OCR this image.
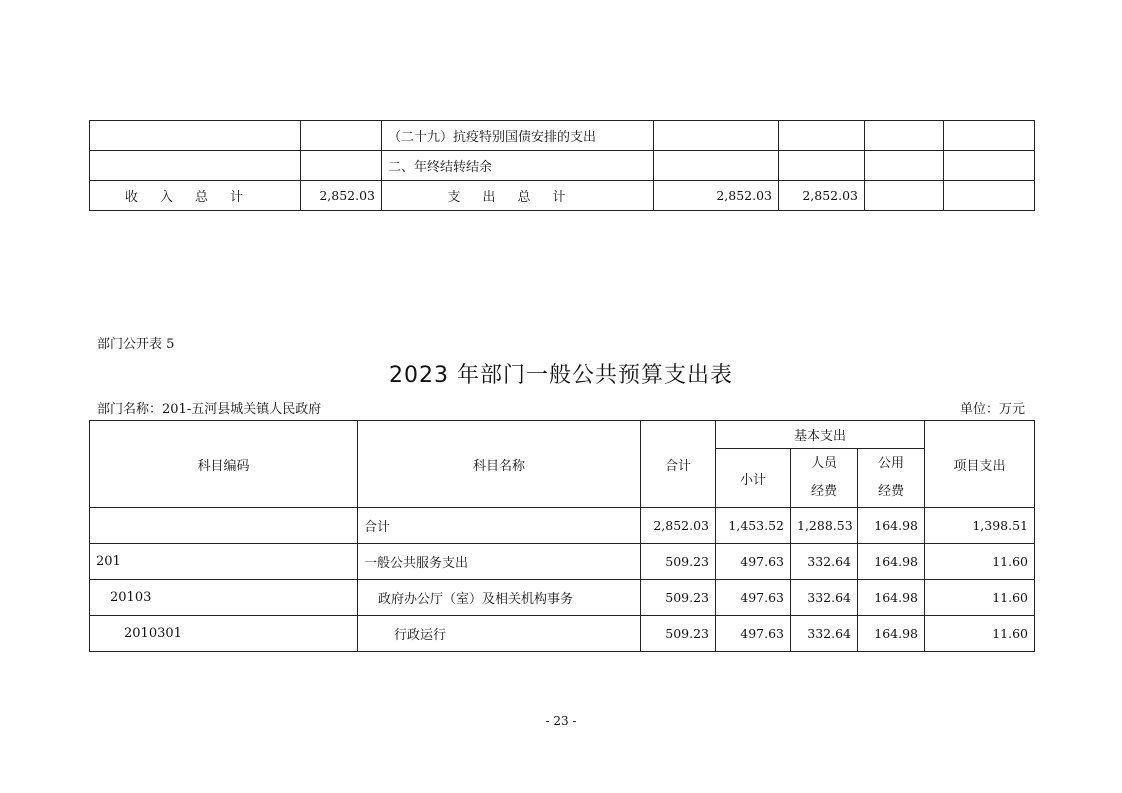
		（二十九）抗疫特别国债安排的支出				
		二、年终结转结余				
收入总计	2,852.03	支出总计	2,852.03	2,852.03		
部门公开表 5
2023 年部门一般公共预算支出表
部门名称：201-五河县城关镇人民政府	单位：万元
科目编码	科目名称	合计	基本支出			项目支出
			小计	人员经费	公用经费	
	合计	2,852.03	1,453.52	1,288.53	164.98	1,398.51
201	一般公共服务支出	509.23	497.63	332.64	164.98	11.60
20103	政府办公厅（室）及相关机构事务	509.23	497.63	332.64	164.98	11.60
2010301	行政运行	509.23	497.63	332.64	164.98	11.60
- 23 -
